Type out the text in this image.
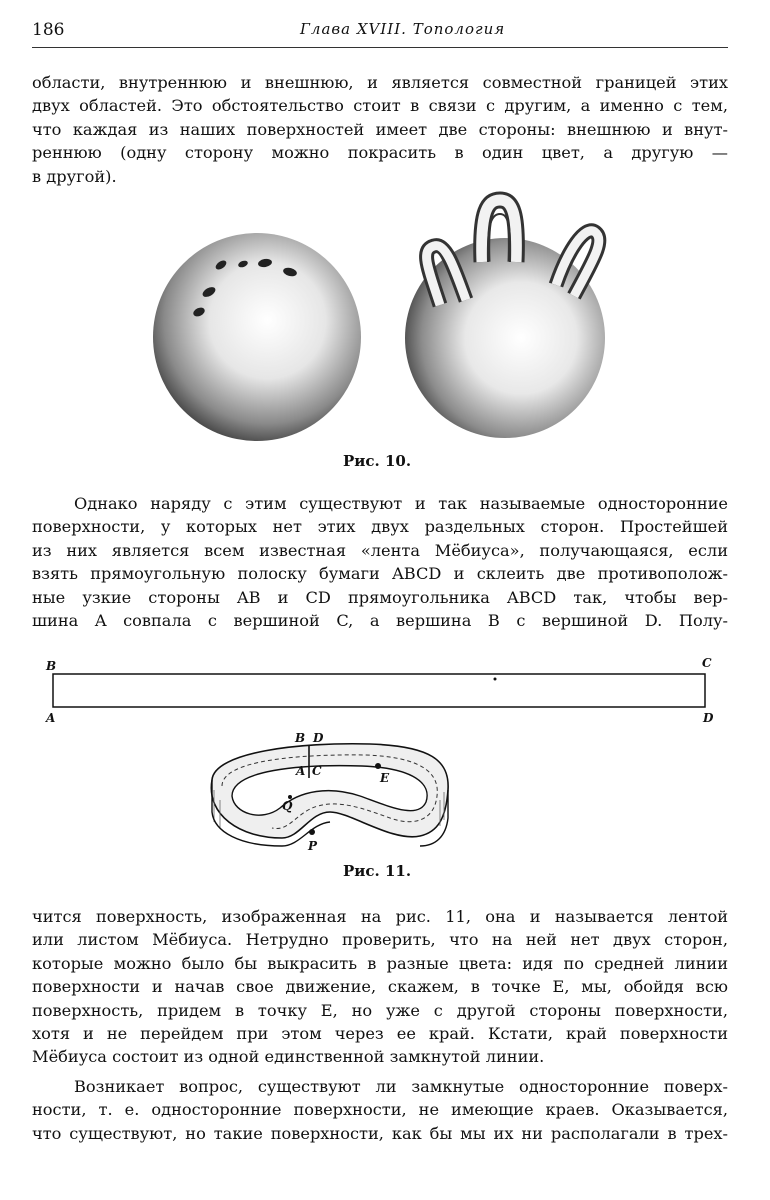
186	Глава XVIII. Топология
области, внутреннюю и внешнюю, и является совместной границей этих
двух областей. Это обстоятельство стоит в связи с другим, а именно с тем,
что каждая из наших поверхностей имеет две стороны: внешнюю и внут-
реннюю (одну сторону можно покрасить в один цвет, а другую —
в другой).
Рис. 10.
Однако наряду с этим существуют и так называемые односторонние
поверхности, у которых нет этих двух раздельных сторон. Простейшей
из них является всем известная «лента Мёбиуса», получающаяся, если
взять прямоугольную полоску бумаги ABCD и склеить две противополож-
ные узкие стороны AB и CD прямоугольника ABCD так, чтобы вер-
шина A совпала с вершиной C, а вершина B с вершиной D. Полу-
B	C
A	D
B D
A C	E
Q
P
Рис. 11.
чится поверхность, изображенная на рис. 11, она и называется лентой
или листом Мёбиуса. Нетрудно проверить, что на ней нет двух сторон,
которые можно было бы выкрасить в разные цвета: идя по средней линии
поверхности и начав свое движение, скажем, в точке E, мы, обойдя всю
поверхность, придем в точку E, но уже с другой стороны поверхности,
хотя и не перейдем при этом через ее край. Кстати, край поверхности
Мёбиуса состоит из одной единственной замкнутой линии.
Возникает вопрос, существуют ли замкнутые односторонние поверх-
ности, т. е. односторонние поверхности, не имеющие краев. Оказывается,
что существуют, но такие поверхности, как бы мы их ни располагали в трех-
